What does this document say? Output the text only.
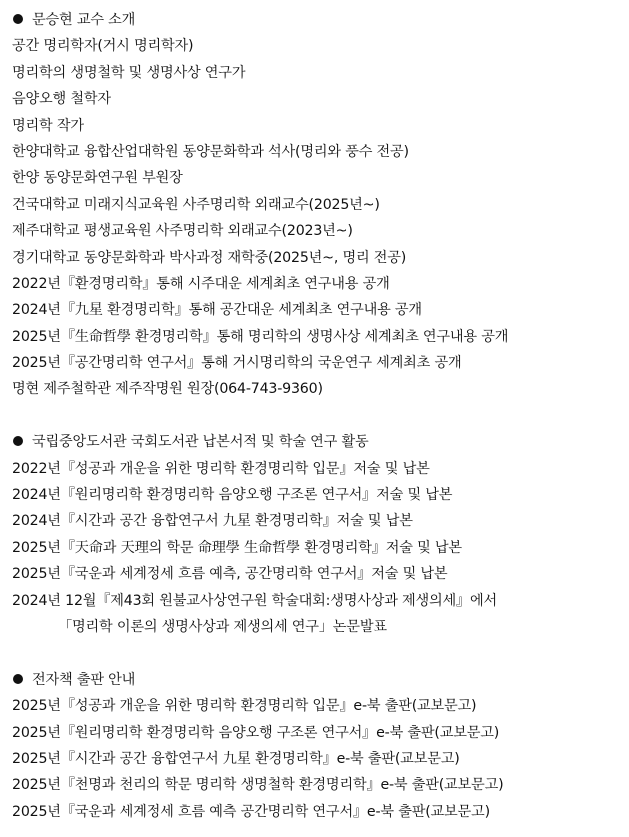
문승현 교수 소개
공간 명리학자(거시 명리학자)
명리학의 생명철학 및 생명사상 연구가
음양오행 철학자
명리학 작가
한양대학교 융합산업대학원 동양문화학과 석사(명리와 풍수 전공)
한양 동양문화연구원 부원장
건국대학교 미래지식교육원 사주명리학 외래교수(2025년~)
제주대학교 평생교육원 사주명리학 외래교수(2023년~)
경기대학교 동양문화학과 박사과정 재학중(2025년~, 명리 전공)
2022년『환경명리학』통해 시주대운 세계최초 연구내용 공개
2024년『九星 환경명리학』통해 공간대운 세계최초 연구내용 공개
2025년『生命哲學 환경명리학』통해 명리학의 생명사상 세계최초 연구내용 공개
2025년『공간명리학 연구서』통해 거시명리학의 국운연구 세계최초 공개
명현 제주철학관 제주작명원 원장(064-743-9360)
국립중앙도서관 국회도서관 납본서적 및 학술 연구 활동
2022년『성공과 개운을 위한 명리학 환경명리학 입문』저술 및 납본
2024년『원리명리학 환경명리학 음양오행 구조론 연구서』저술 및 납본
2024년『시간과 공간 융합연구서 九星 환경명리학』저술 및 납본
2025년『天命과 天理의 학문 命理學 生命哲學 환경명리학』저술 및 납본
2025년『국운과 세계정세 흐름 예측, 공간명리학 연구서』저술 및 납본
2024년 12월『제43회 원불교사상연구원 학술대회:생명사상과 제생의세』에서
「명리학 이론의 생명사상과 제생의세 연구」논문발표
전자책 출판 안내
2025년『성공과 개운을 위한 명리학 환경명리학 입문』e-북 출판(교보문고)
2025년『원리명리학 환경명리학 음양오행 구조론 연구서』e-북 출판(교보문고)
2025년『시간과 공간 융합연구서 九星 환경명리학』e-북 출판(교보문고)
2025년『천명과 천리의 학문 명리학 생명철학 환경명리학』e-북 출판(교보문고)
2025년『국운과 세계정세 흐름 예측 공간명리학 연구서』e-북 출판(교보문고)
